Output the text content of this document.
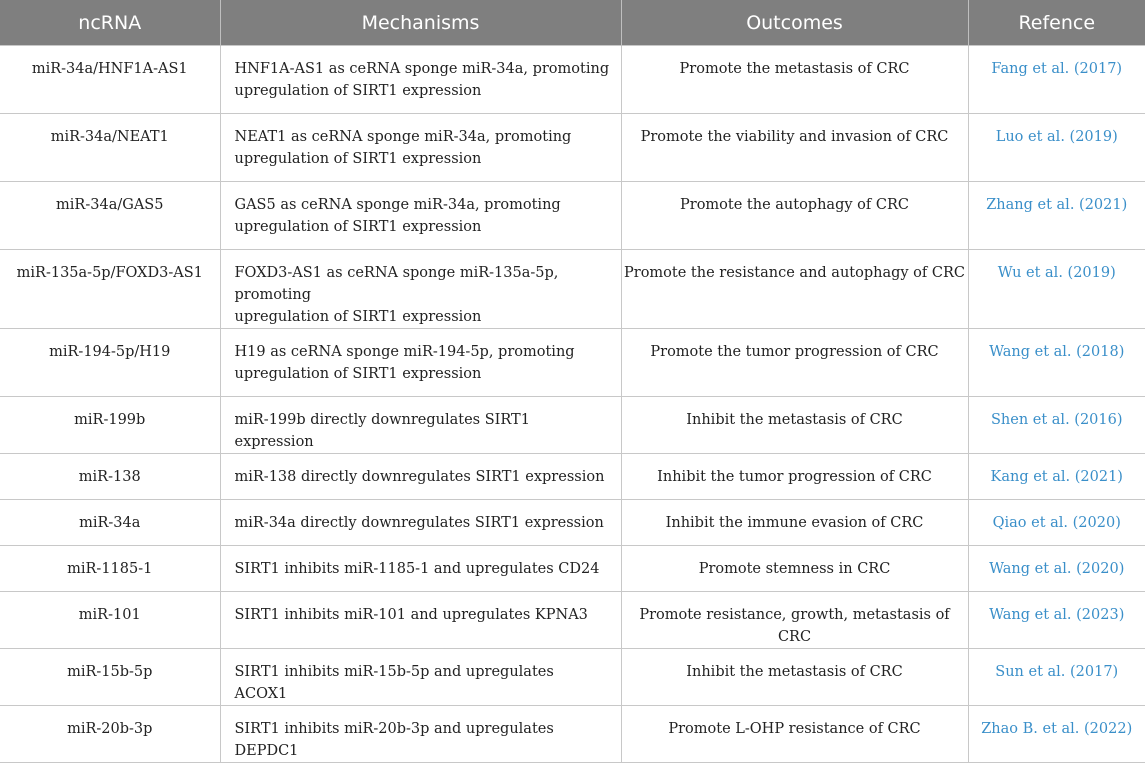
ncRNA	Mechanisms	Outcomes	Refence

miR-34a/HNF1A-AS1	HNF1A-AS1 as ceRNA sponge miR-34a, promoting
upregulation of SIRT1 expression	Promote the metastasis of CRC	Fang et al. (2017)

miR-34a/NEAT1	NEAT1 as ceRNA sponge miR-34a, promoting
upregulation of SIRT1 expression	Promote the viability and invasion of CRC	Luo et al. (2019)

miR-34a/GAS5	GAS5 as ceRNA sponge miR-34a, promoting
upregulation of SIRT1 expression	Promote the autophagy of CRC	Zhang et al. (2021)

miR-135a-5p/FOXD3-AS1	FOXD3-AS1 as ceRNA sponge miR-135a-5p, promoting
upregulation of SIRT1 expression	Promote the resistance and autophagy of CRC	Wu et al. (2019)

miR-194-5p/H19	H19 as ceRNA sponge miR-194-5p, promoting
upregulation of SIRT1 expression	Promote the tumor progression of CRC	Wang et al. (2018)

miR-199b	miR-199b directly downregulates SIRT1 expression	Inhibit the metastasis of CRC	Shen et al. (2016)

miR-138	miR-138 directly downregulates SIRT1 expression	Inhibit the tumor progression of CRC	Kang et al. (2021)

miR-34a	miR-34a directly downregulates SIRT1 expression	Inhibit the immune evasion of CRC	Qiao et al. (2020)

miR-1185-1	SIRT1 inhibits miR-1185-1 and upregulates CD24	Promote stemness in CRC	Wang et al. (2020)

miR-101	SIRT1 inhibits miR-101 and upregulates KPNA3	Promote resistance, growth, metastasis of CRC	Wang et al. (2023)

miR-15b-5p	SIRT1 inhibits miR-15b-5p and upregulates ACOX1	Inhibit the metastasis of CRC	Sun et al. (2017)

miR-20b-3p	SIRT1 inhibits miR-20b-3p and upregulates DEPDC1	Promote L-OHP resistance of CRC	Zhao B. et al. (2022)
